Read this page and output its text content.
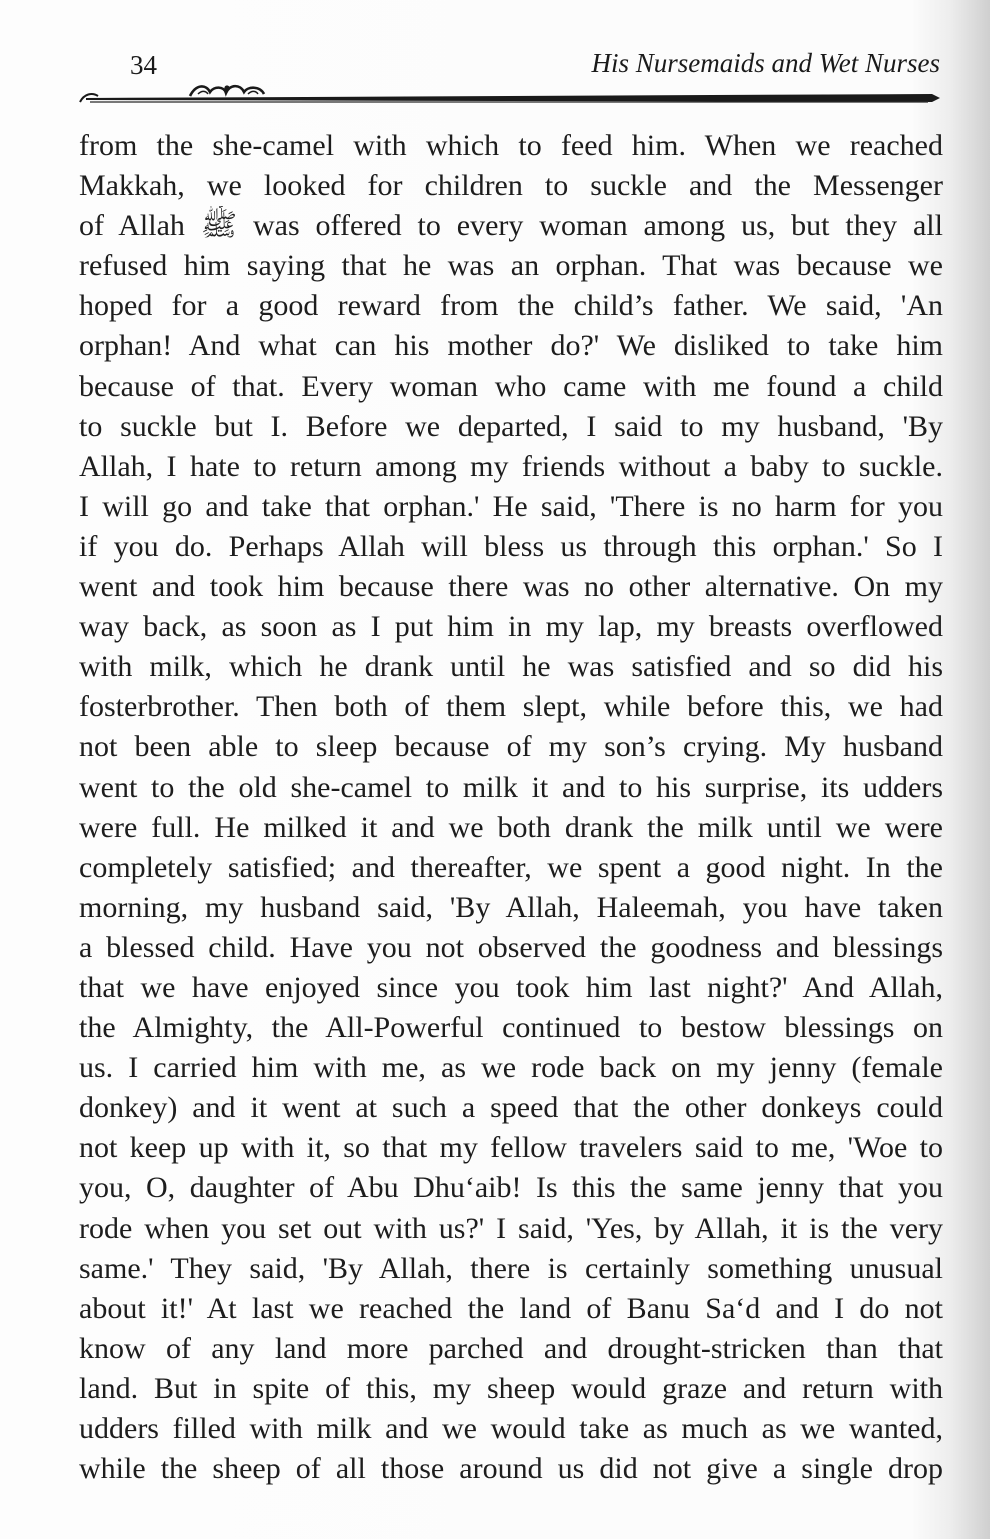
34	His Nursemaids and Wet Nurses
from the she-camel with which to feed him. When we reached
Makkah, we looked for children to suckle and the Messenger
of Allah ﷺ was offered to every woman among us, but they all
refused him saying that he was an orphan. That was because we
hoped for a good reward from the child’s father. We said, 'An
orphan! And what can his mother do?' We disliked to take him
because of that. Every woman who came with me found a child
to suckle but I. Before we departed, I said to my husband, 'By
Allah, I hate to return among my friends without a baby to suckle.
I will go and take that orphan.' He said, 'There is no harm for you
if you do. Perhaps Allah will bless us through this orphan.' So I
went and took him because there was no other alternative. On my
way back, as soon as I put him in my lap, my breasts overflowed
with milk, which he drank until he was satisfied and so did his
fosterbrother. Then both of them slept, while before this, we had
not been able to sleep because of my son’s crying. My husband
went to the old she-camel to milk it and to his surprise, its udders
were full. He milked it and we both drank the milk until we were
completely satisfied; and thereafter, we spent a good night. In the
morning, my husband said, 'By Allah, Haleemah, you have taken
a blessed child. Have you not observed the goodness and blessings
that we have enjoyed since you took him last night?' And Allah,
the Almighty, the All-Powerful continued to bestow blessings on
us. I carried him with me, as we rode back on my jenny (female
donkey) and it went at such a speed that the other donkeys could
not keep up with it, so that my fellow travelers said to me, 'Woe to
you, O, daughter of Abu Dhu‘aib! Is this the same jenny that you
rode when you set out with us?' I said, 'Yes, by Allah, it is the very
same.' They said, 'By Allah, there is certainly something unusual
about it!' At last we reached the land of Banu Sa‘d and I do not
know of any land more parched and drought-stricken than that
land. But in spite of this, my sheep would graze and return with
udders filled with milk and we would take as much as we wanted,
while the sheep of all those around us did not give a single drop
